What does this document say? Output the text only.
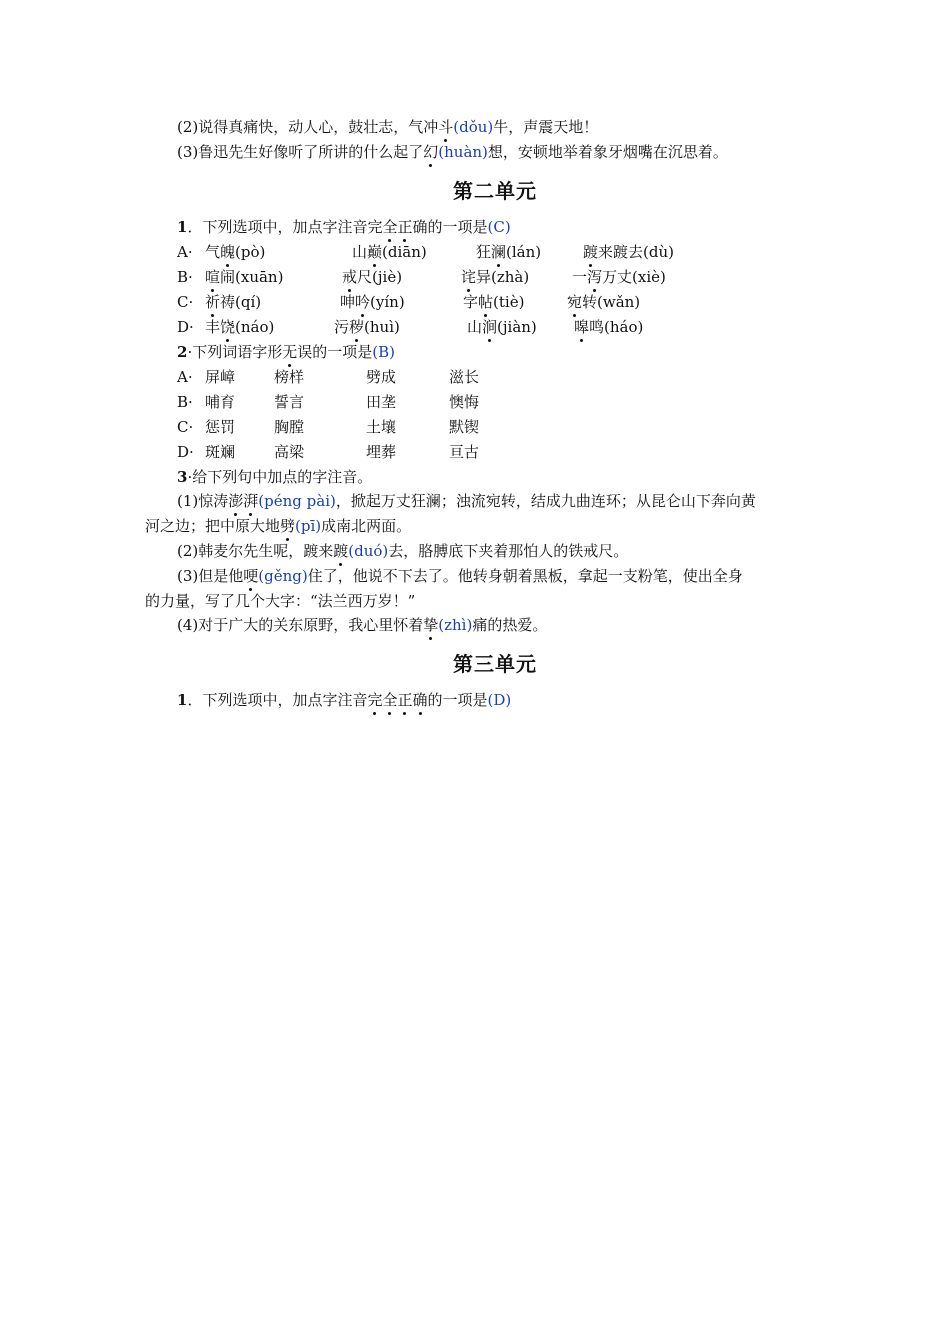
(2)说得真痛快，动人心，鼓壮志，气冲斗(dǒu)牛，声震天地！
(3)鲁迅先生好像听了所讲的什么起了幻(huàn)想，安顿地举着象牙烟嘴在沉思着。
第二单元
1．下列选项中，加点字注音完全正确的一项是(C)
A· 气魄(pò)	山巅(diān)	狂澜(lán)	踱来踱去(dù)
B· 喧闹(xuān)	戒尺(jiè)	诧异(zhà)	一泻万丈(xiè)
C· 祈祷(qí)	呻吟(yín)	字帖(tiè)	宛转(wǎn)
D· 丰饶(náo)	污秽(huì)	山涧(jiàn) 嗥鸣(háo)
2·下列词语字形无误的一项是(B)
A· 屏嶂	榜样	劈成	滋长
B· 哺育	誓言	田垄	懊悔
C· 惩罚	胸膛	土壤	默锲
D· 斑斓	高梁	埋葬	亘古
3·给下列句中加点的字注音。
(1)惊涛澎湃(péng pài)，掀起万丈狂澜；浊流宛转，结成九曲连环；从昆仑山下奔向黄
河之边；把中原大地劈(pī)成南北两面。
(2)韩麦尔先生呢，踱来踱(duó)去，胳膊底下夹着那怕人的铁戒尺。
(3)但是他哽(gěng)住了，他说不下去了。他转身朝着黑板，拿起一支粉笔，使出全身
的力量，写了几个大字：“法兰西万岁！”
(4)对于广大的关东原野，我心里怀着挚(zhì)痛的热爱。
第三单元
1．下列选项中，加点字注音完全正确的一项是(D)
